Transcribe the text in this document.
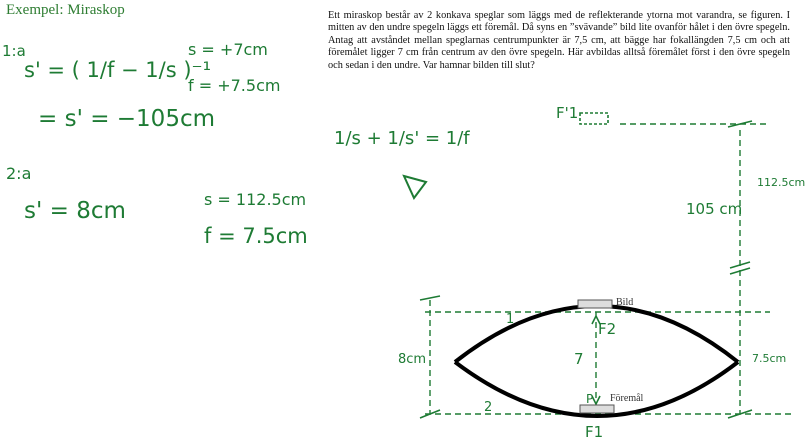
Exempel: Miraskop	Ett miraskop består av 2 konkava speglar som läggs med de reflekterande ytorna mot varandra, se figuren. I mitten av den undre spegeln läggs ett föremål. Då syns en ”svävande” bild lite ovanför hålet i den övre spegeln. Antag att avståndet mellan speglarnas centrumpunkter är 7,5 cm, att bägge har fokallängden 7,5 cm och att föremålet ligger 7 cm från centrum av den övre spegeln. Här avbildas alltså föremålet först i den övre spegeln och sedan i den undre. Var hamnar bilden till slut?
1:a
s' = ( 1/f − 1/s )⁻¹
s = +7cm
f = +7.5cm
= s' = −105cm
2:a
s' = 8cm	s = 112.5cm
f = 7.5cm
1/s + 1/s' = 1/f
Bild
Föremål
F'1
F2
F1
112.5cm
105 cm
8cm	7.5cm
7
1
2
P
